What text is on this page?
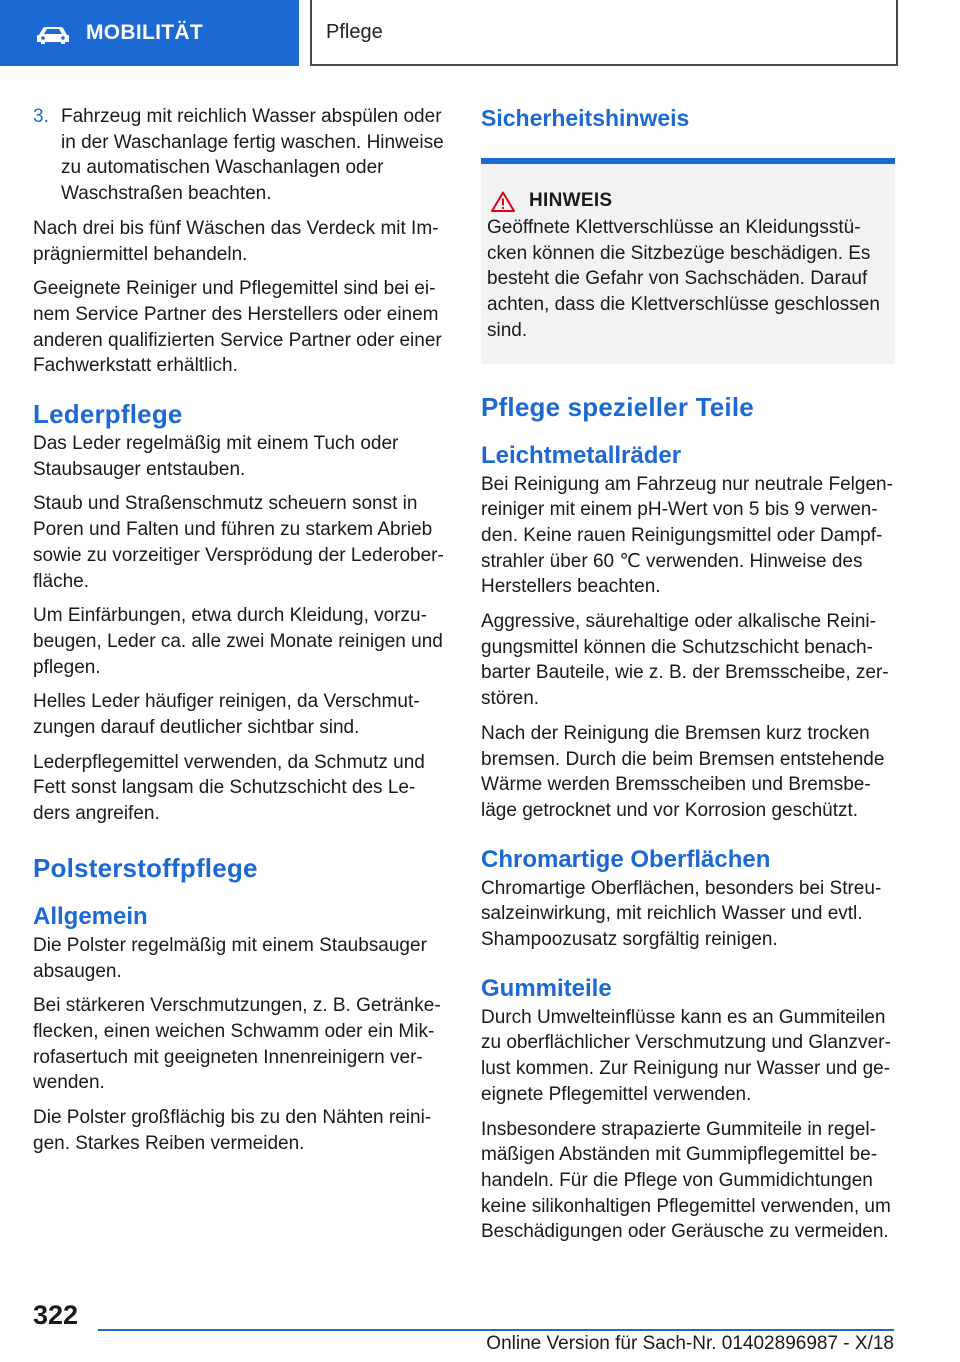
MOBILITÄT	Pflege
3. Fahrzeug mit reichlich Wasser abspülen oder in der Waschanlage fertig waschen. Hinweise zu automatischen Waschanlagen oder Waschstraßen beachten.

Nach drei bis fünf Wäschen das Verdeck mit Imprägniermittel behandeln.

Geeignete Reiniger und Pflegemittel sind bei einem Service Partner des Herstellers oder einem anderen qualifizierten Service Partner oder einer Fachwerkstatt erhältlich.

Lederpflege

Das Leder regelmäßig mit einem Tuch oder Staubsauger entstauben.

Staub und Straßenschmutz scheuern sonst in Poren und Falten und führen zu starkem Abrieb sowie zu vorzeitiger Versprödung der Lederoberfläche.

Um Einfärbungen, etwa durch Kleidung, vorzubeugen, Leder ca. alle zwei Monate reinigen und pflegen.

Helles Leder häufiger reinigen, da Verschmutzungen darauf deutlicher sichtbar sind.

Lederpflegemittel verwenden, da Schmutz und Fett sonst langsam die Schutzschicht des Leders angreifen.

Polsterstoffpflege
Allgemein

Die Polster regelmäßig mit einem Staubsauger absaugen.

Bei stärkeren Verschmutzungen, z. B. Getränkeflecken, einen weichen Schwamm oder ein Mikrofasertuch mit geeigneten Innenreinigern verwenden.

Die Polster großflächig bis zu den Nähten reinigen. Starkes Reiben vermeiden.

Sicherheitshinweis
HINWEIS

Geöffnete Klettverschlüsse an Kleidungsstücken können die Sitzbezüge beschädigen. Es besteht die Gefahr von Sachschäden. Darauf achten, dass die Klettverschlüsse geschlossen sind.

Pflege spezieller Teile
Leichtmetallräder

Bei Reinigung am Fahrzeug nur neutrale Felgenreiniger mit einem pH-Wert von 5 bis 9 verwenden. Keine rauen Reinigungsmittel oder Dampfstrahler über 60 ℃ verwenden. Hinweise des Herstellers beachten.

Aggressive, säurehaltige oder alkalische Reinigungsmittel können die Schutzschicht benachbarter Bauteile, wie z. B. der Bremsscheibe, zerstören.

Nach der Reinigung die Bremsen kurz trocken bremsen. Durch die beim Bremsen entstehende Wärme werden Bremsscheiben und Bremsbeläge getrocknet und vor Korrosion geschützt.

Chromartige Oberflächen

Chromartige Oberflächen, besonders bei Streusalzeinwirkung, mit reichlich Wasser und evtl. Shampoozusatz sorgfältig reinigen.

Gummiteile

Durch Umwelteinflüsse kann es an Gummiteilen zu oberflächlicher Verschmutzung und Glanzverlust kommen. Zur Reinigung nur Wasser und geeignete Pflegemittel verwenden.

Insbesondere strapazierte Gummiteile in regelmäßigen Abständen mit Gummipflegemittel behandeln. Für die Pflege von Gummidichtungen keine silikonhaltigen Pflegemittel verwenden, um Beschädigungen oder Geräusche zu vermeiden.

322
Online Version für Sach-Nr. 01402896987 - X/18
